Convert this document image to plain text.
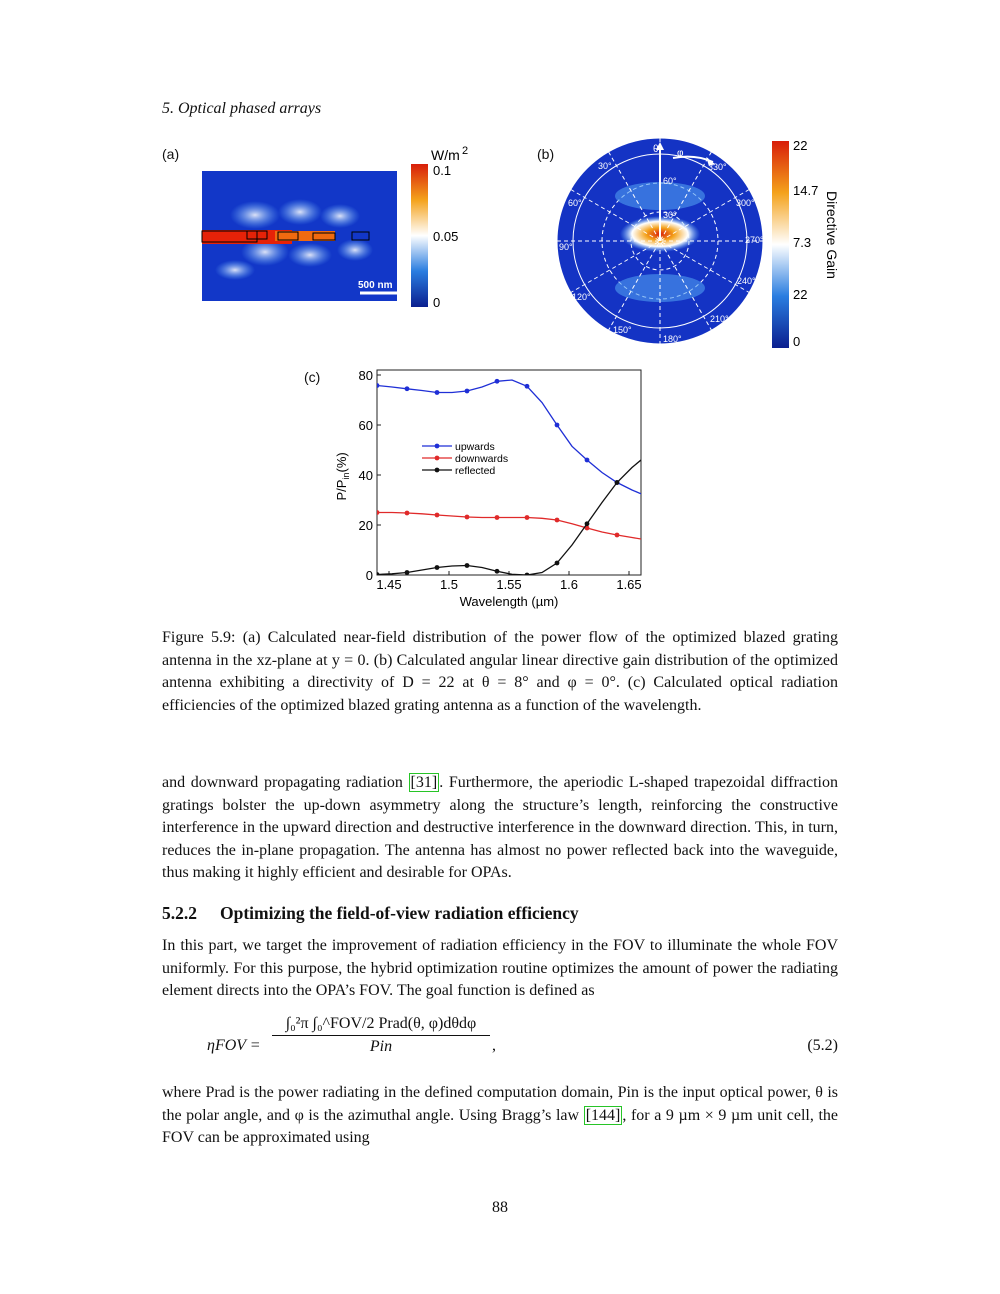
5. Optical phased arrays
(a)	(b)
(c)
500 nm
W/m 2
0.1
0.05
0
θ φ
30°
60°
30°
60°
90°
120°
150°
180°
210°
240°
270°
300°
330°
22
14.7
7.3
22
0
Directive Gain
0
20
40
60
80
1.45	1.5	1.55	1.6	1.65
Wavelength (µm)
$P/P_{in}(\%)$
upwards
downwards
reflected
Figure 5.9: (a) Calculated near-field distribution of the power flow of the optimized blazed grating antenna in the xz-plane at y = 0. (b) Calculated angular linear directive gain distribution of the optimized antenna exhibiting a directivity of D = 22 at θ = 8° and φ = 0°. (c) Calculated optical radiation efficiencies of the optimized blazed grating antenna as a function of the wavelength.
and downward propagating radiation [31] . Furthermore, the aperiodic L-shaped trapezoidal diffraction gratings bolster the up-down asymmetry along the structure’s length, reinforcing the constructive interference in the upward direction and destructive interference in the downward direction. This, in turn, reduces the in-plane propagation. The antenna has almost no power reflected back into the waveguide, thus making it highly efficient and desirable for OPAs.
5.2.2 Optimizing the field-of-view radiation efficiency
In this part, we target the improvement of radiation efficiency in the FOV to illuminate the whole FOV uniformly. For this purpose, the hybrid optimization routine optimizes the amount of power the radiating element directs into the OPA’s FOV. The goal function is defined as
ηFOV =
∫₀²π ∫₀^FOV/2 Prad(θ, φ)dθdφ
Pin	,	(5.2)
where Prad is the power radiating in the defined computation domain, Pin is the input optical power, θ is the polar angle, and φ is the azimuthal angle. Using Bragg’s law [144] , for a 9 µm × 9 µm unit cell, the FOV can be approximated using
88
